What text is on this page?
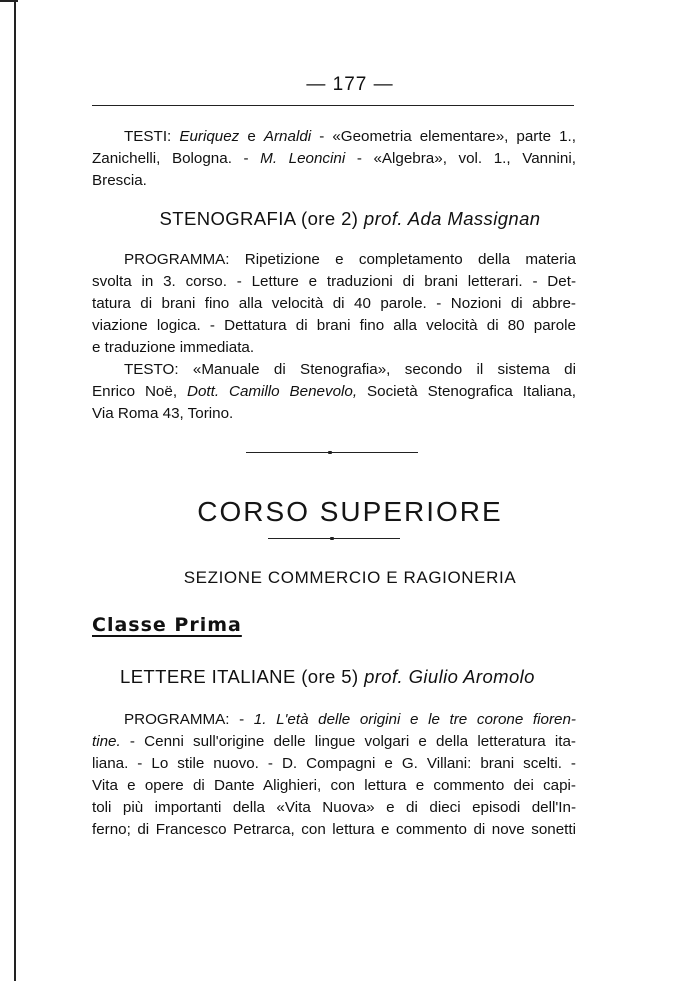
— 177 —
TESTI: Euriquez e Arnaldi - «Geometria elementare», parte 1.,
Zanichelli, Bologna. - M. Leoncini - «Algebra», vol. 1., Vannini,
Brescia.
STENOGRAFIA (ore 2) prof. Ada Massignan
PROGRAMMA: Ripetizione e completamento della materia
svolta in 3. corso. - Letture e traduzioni di brani letterari. - Det-
tatura di brani fino alla velocità di 40 parole. - Nozioni di abbre-
viazione logica. - Dettatura di brani fino alla velocità di 80 parole
e traduzione immediata.
TESTO: «Manuale di Stenografia», secondo il sistema di
Enrico Noë, Dott. Camillo Benevolo, Società Stenografica Italiana,
Via Roma 43, Torino.
CORSO SUPERIORE
SEZIONE COMMERCIO E RAGIONERIA
Classe Prima
LETTERE ITALIANE (ore 5) prof. Giulio Aromolo
PROGRAMMA: - 1. L'età delle origini e le tre corone fioren-
tine. - Cenni sull'origine delle lingue volgari e della letteratura ita-
liana. - Lo stile nuovo. - D. Compagni e G. Villani: brani scelti. -
Vita e opere di Dante Alighieri, con lettura e commento dei capi-
toli più importanti della «Vita Nuova» e di dieci episodi dell'In-
ferno; di Francesco Petrarca, con lettura e commento di nove sonetti
